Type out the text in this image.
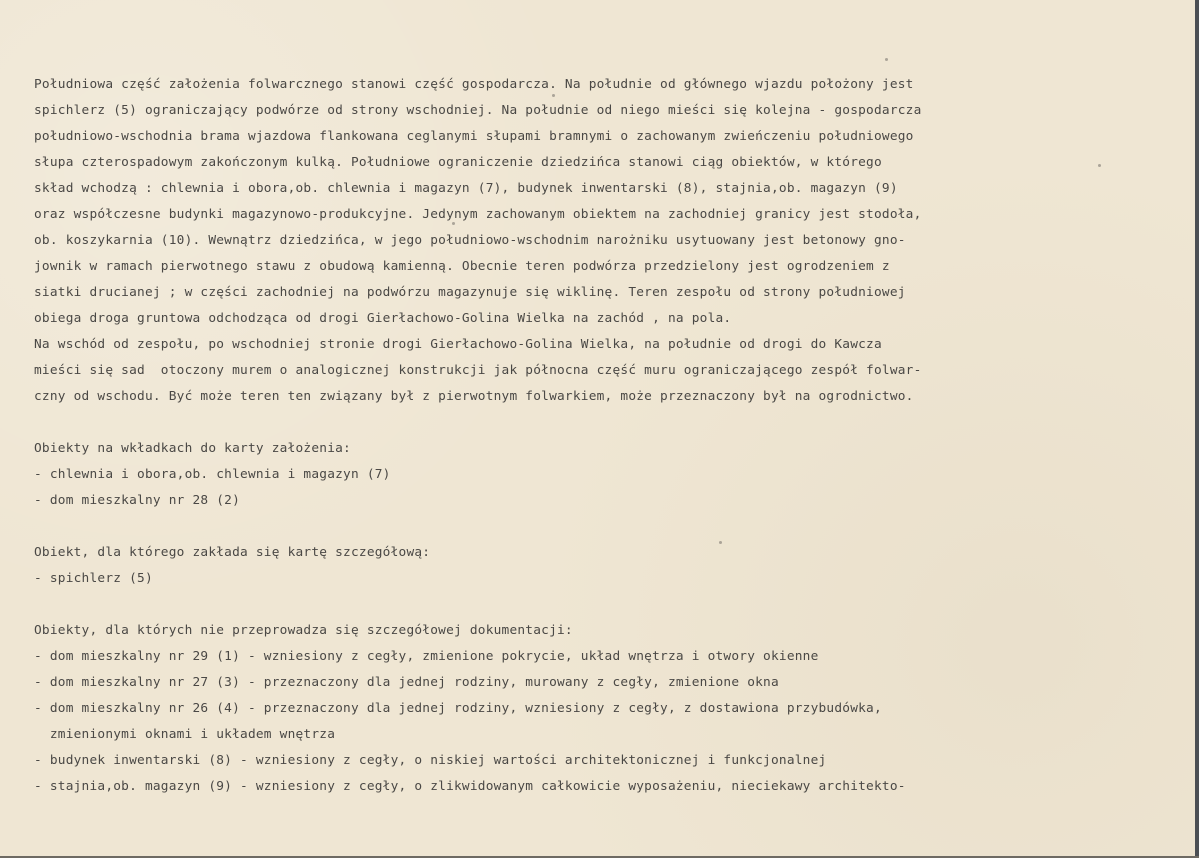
Południowa część założenia folwarcznego stanowi część gospodarcza. Na południe od głównego wjazdu położony jest
spichlerz (5) ograniczający podwórze od strony wschodniej. Na południe od niego mieści się kolejna - gospodarcza
południowo-wschodnia brama wjazdowa flankowana ceglanymi słupami bramnymi o zachowanym zwieńczeniu południowego
słupa czterospadowym zakończonym kulką. Południowe ograniczenie dziedzińca stanowi ciąg obiektów, w którego
skład wchodzą : chlewnia i obora,ob. chlewnia i magazyn (7), budynek inwentarski (8), stajnia,ob. magazyn (9)
oraz współczesne budynki magazynowo-produkcyjne. Jedynym zachowanym obiektem na zachodniej granicy jest stodoła,
ob. koszykarnia (10). Wewnątrz dziedzińca, w jego południowo-wschodnim narożniku usytuowany jest betonowy gno-
jownik w ramach pierwotnego stawu z obudową kamienną. Obecnie teren podwórza przedzielony jest ogrodzeniem z
siatki drucianej ; w części zachodniej na podwórzu magazynuje się wiklinę. Teren zespołu od strony południowej
obiega droga gruntowa odchodząca od drogi Gierłachowo-Golina Wielka na zachód , na pola.
Na wschód od zespołu, po wschodniej stronie drogi Gierłachowo-Golina Wielka, na południe od drogi do Kawcza
mieści się sad  otoczony murem o analogicznej konstrukcji jak północna część muru ograniczającego zespół folwar-
czny od wschodu. Być może teren ten związany był z pierwotnym folwarkiem, może przeznaczony był na ogrodnictwo.
Obiekty na wkładkach do karty założenia:
- chlewnia i obora,ob. chlewnia i magazyn (7)
- dom mieszkalny nr 28 (2)
Obiekt, dla którego zakłada się kartę szczegółową:
- spichlerz (5)
Obiekty, dla których nie przeprowadza się szczegółowej dokumentacji:
- dom mieszkalny nr 29 (1) - wzniesiony z cegły, zmienione pokrycie, układ wnętrza i otwory okienne
- dom mieszkalny nr 27 (3) - przeznaczony dla jednej rodziny, murowany z cegły, zmienione okna
- dom mieszkalny nr 26 (4) - przeznaczony dla jednej rodziny, wzniesiony z cegły, z dostawiona przybudówka,
zmienionymi oknami i układem wnętrza
- budynek inwentarski (8) - wzniesiony z cegły, o niskiej wartości architektonicznej i funkcjonalnej
- stajnia,ob. magazyn (9) - wzniesiony z cegły, o zlikwidowanym całkowicie wyposażeniu, nieciekawy architekto-
